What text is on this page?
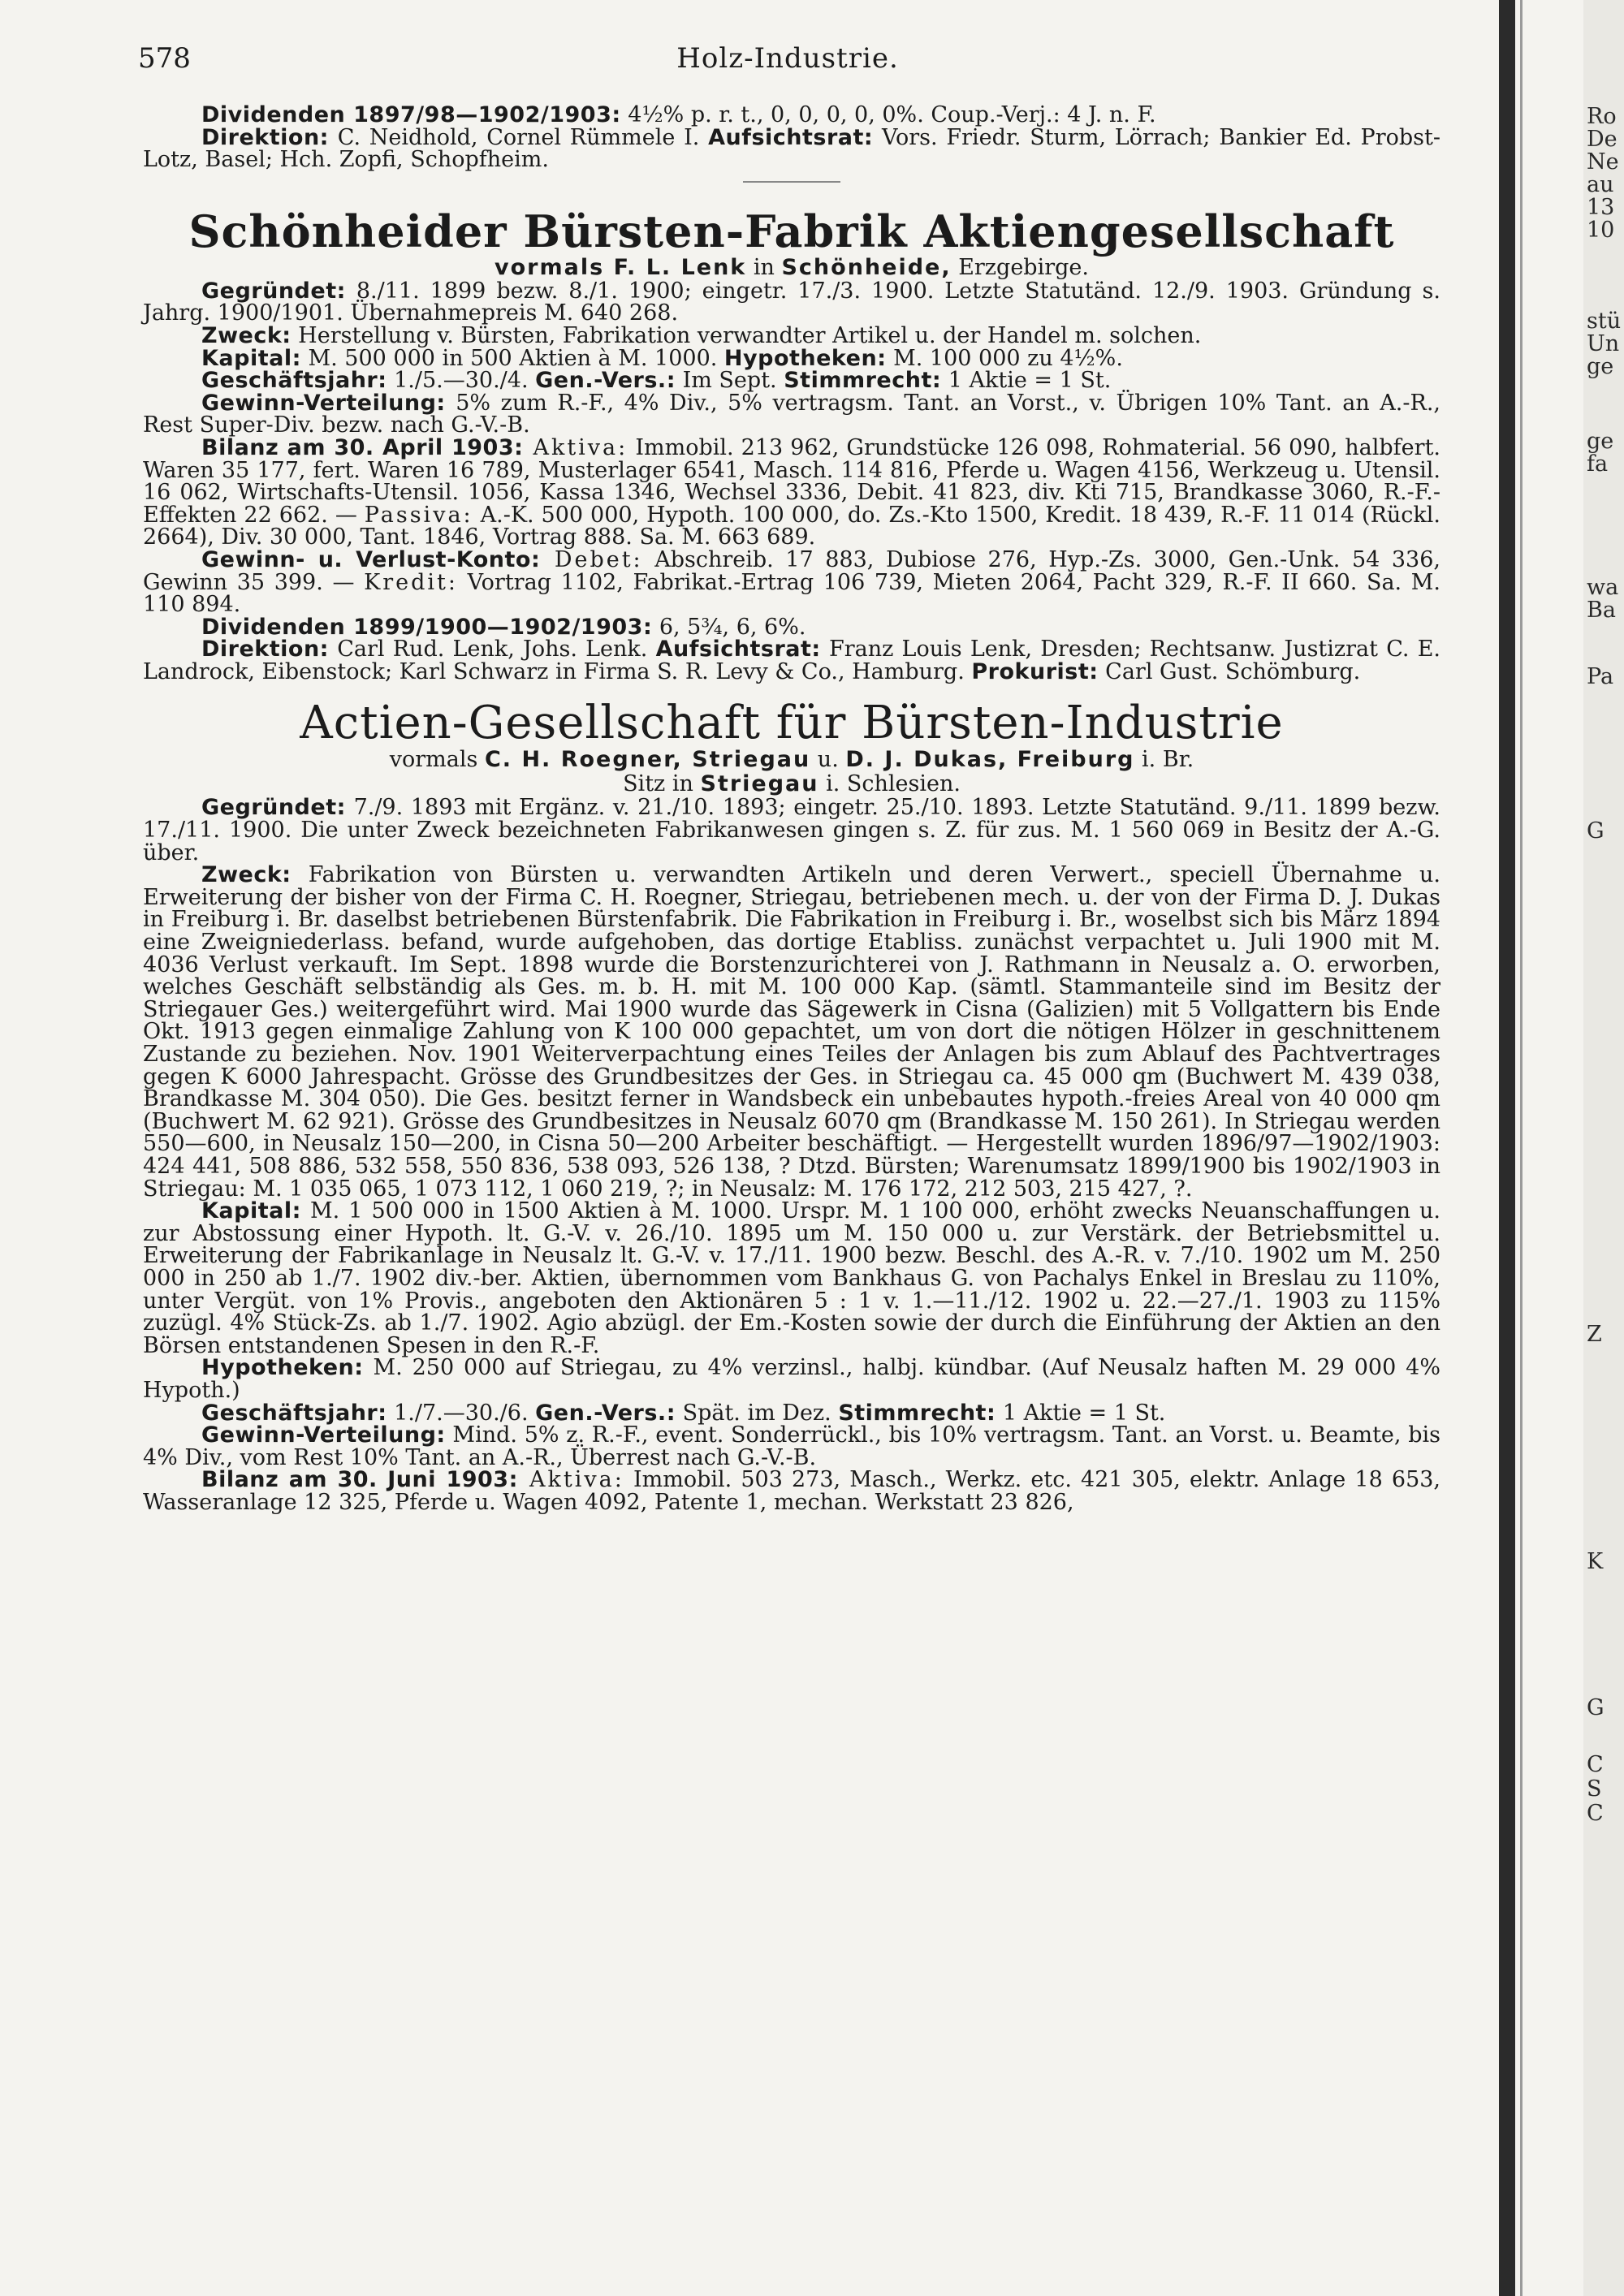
578	Holz-Industrie.

Dividenden 1897/98—1902/1903: 4½% p. r. t., 0, 0, 0, 0, 0%. Coup.-Verj.: 4 J. n. F.

Direktion: C. Neidhold, Cornel Rümmele I. Aufsichtsrat: Vors. Friedr. Sturm, Lörrach; Bankier Ed. Probst-Lotz, Basel; Hch. Zopfi, Schopfheim.

Schönheider Bürsten-Fabrik Aktiengesellschaft

vormals F. L. Lenk in Schönheide, Erzgebirge.

Gegründet: 8./11. 1899 bezw. 8./1. 1900; eingetr. 17./3. 1900. Letzte Statutänd. 12./9. 1903. Gründung s. Jahrg. 1900/1901. Übernahmepreis M. 640 268.

Zweck: Herstellung v. Bürsten, Fabrikation verwandter Artikel u. der Handel m. solchen.

Kapital: M. 500 000 in 500 Aktien à M. 1000. Hypotheken: M. 100 000 zu 4½%.

Geschäftsjahr: 1./5.—30./4. Gen.-Vers.: Im Sept. Stimmrecht: 1 Aktie = 1 St.

Gewinn-Verteilung: 5% zum R.-F., 4% Div., 5% vertragsm. Tant. an Vorst., v. Übrigen 10% Tant. an A.-R., Rest Super-Div. bezw. nach G.-V.-B.

Bilanz am 30. April 1903: Aktiva: Immobil. 213 962, Grundstücke 126 098, Rohmaterial. 56 090, halbfert. Waren 35 177, fert. Waren 16 789, Musterlager 6541, Masch. 114 816, Pferde u. Wagen 4156, Werkzeug u. Utensil. 16 062, Wirtschafts-Utensil. 1056, Kassa 1346, Wechsel 3336, Debit. 41 823, div. Kti 715, Brandkasse 3060, R.-F.-Effekten 22 662. — Passiva: A.-K. 500 000, Hypoth. 100 000, do. Zs.-Kto 1500, Kredit. 18 439, R.-F. 11 014 (Rückl. 2664), Div. 30 000, Tant. 1846, Vortrag 888. Sa. M. 663 689.

Gewinn- u. Verlust-Konto: Debet: Abschreib. 17 883, Dubiose 276, Hyp.-Zs. 3000, Gen.-Unk. 54 336, Gewinn 35 399. — Kredit: Vortrag 1102, Fabrikat.-Ertrag 106 739, Mieten 2064, Pacht 329, R.-F. II 660. Sa. M. 110 894.

Dividenden 1899/1900—1902/1903: 6, 5¾, 6, 6%.

Direktion: Carl Rud. Lenk, Johs. Lenk. Aufsichtsrat: Franz Louis Lenk, Dresden; Rechtsanw. Justizrat C. E. Landrock, Eibenstock; Karl Schwarz in Firma S. R. Levy & Co., Hamburg. Prokurist: Carl Gust. Schömburg.

Actien-Gesellschaft für Bürsten-Industrie

vormals C. H. Roegner, Striegau u. D. J. Dukas, Freiburg i. Br.

Sitz in Striegau i. Schlesien.

Gegründet: 7./9. 1893 mit Ergänz. v. 21./10. 1893; eingetr. 25./10. 1893. Letzte Statutänd. 9./11. 1899 bezw. 17./11. 1900. Die unter Zweck bezeichneten Fabrikanwesen gingen s. Z. für zus. M. 1 560 069 in Besitz der A.-G. über.

Zweck: Fabrikation von Bürsten u. verwandten Artikeln und deren Verwert., speciell Übernahme u. Erweiterung der bisher von der Firma C. H. Roegner, Striegau, betriebenen mech. u. der von der Firma D. J. Dukas in Freiburg i. Br. daselbst betriebenen Bürstenfabrik. Die Fabrikation in Freiburg i. Br., woselbst sich bis März 1894 eine Zweigniederlass. befand, wurde aufgehoben, das dortige Etabliss. zunächst verpachtet u. Juli 1900 mit M. 4036 Verlust verkauft. Im Sept. 1898 wurde die Borstenzurichterei von J. Rathmann in Neusalz a. O. erworben, welches Geschäft selbständig als Ges. m. b. H. mit M. 100 000 Kap. (sämtl. Stammanteile sind im Besitz der Striegauer Ges.) weitergeführt wird. Mai 1900 wurde das Sägewerk in Cisna (Galizien) mit 5 Vollgattern bis Ende Okt. 1913 gegen einmalige Zahlung von K 100 000 gepachtet, um von dort die nötigen Hölzer in geschnittenem Zustande zu beziehen. Nov. 1901 Weiterverpachtung eines Teiles der Anlagen bis zum Ablauf des Pachtvertrages gegen K 6000 Jahrespacht. Grösse des Grundbesitzes der Ges. in Striegau ca. 45 000 qm (Buchwert M. 439 038, Brandkasse M. 304 050). Die Ges. besitzt ferner in Wandsbeck ein unbebautes hypoth.-freies Areal von 40 000 qm (Buchwert M. 62 921). Grösse des Grundbesitzes in Neusalz 6070 qm (Brandkasse M. 150 261). In Striegau werden 550—600, in Neusalz 150—200, in Cisna 50—200 Arbeiter beschäftigt. — Hergestellt wurden 1896/97—1902/1903: 424 441, 508 886, 532 558, 550 836, 538 093, 526 138, ? Dtzd. Bürsten; Warenumsatz 1899/1900 bis 1902/1903 in Striegau: M. 1 035 065, 1 073 112, 1 060 219, ?; in Neusalz: M. 176 172, 212 503, 215 427, ?.

Kapital: M. 1 500 000 in 1500 Aktien à M. 1000. Urspr. M. 1 100 000, erhöht zwecks Neuanschaffungen u. zur Abstossung einer Hypoth. lt. G.-V. v. 26./10. 1895 um M. 150 000 u. zur Verstärk. der Betriebsmittel u. Erweiterung der Fabrikanlage in Neusalz lt. G.-V. v. 17./11. 1900 bezw. Beschl. des A.-R. v. 7./10. 1902 um M. 250 000 in 250 ab 1./7. 1902 div.-ber. Aktien, übernommen vom Bankhaus G. von Pachalys Enkel in Breslau zu 110%, unter Vergüt. von 1% Provis., angeboten den Aktionären 5 : 1 v. 1.—11./12. 1902 u. 22.—27./1. 1903 zu 115% zuzügl. 4% Stück-Zs. ab 1./7. 1902. Agio abzügl. der Em.-Kosten sowie der durch die Einführung der Aktien an den Börsen entstandenen Spesen in den R.-F.

Hypotheken: M. 250 000 auf Striegau, zu 4% verzinsl., halbj. kündbar. (Auf Neusalz haften M. 29 000 4% Hypoth.)

Geschäftsjahr: 1./7.—30./6. Gen.-Vers.: Spät. im Dez. Stimmrecht: 1 Aktie = 1 St.

Gewinn-Verteilung: Mind. 5% z. R.-F., event. Sonderrückl., bis 10% vertragsm. Tant. an Vorst. u. Beamte, bis 4% Div., vom Rest 10% Tant. an A.-R., Überrest nach G.-V.-B.

Bilanz am 30. Juni 1903: Aktiva: Immobil. 503 273, Masch., Werkz. etc. 421 305, elektr. Anlage 18 653, Wasseranlage 12 325, Pferde u. Wagen 4092, Patente 1, mechan. Werkstatt 23 826,

Ro
De
Ne
au
13
10
stü
Un
ge
ge
fa
wa
Ba
Pa
G
Z
K
G
C
S
C
